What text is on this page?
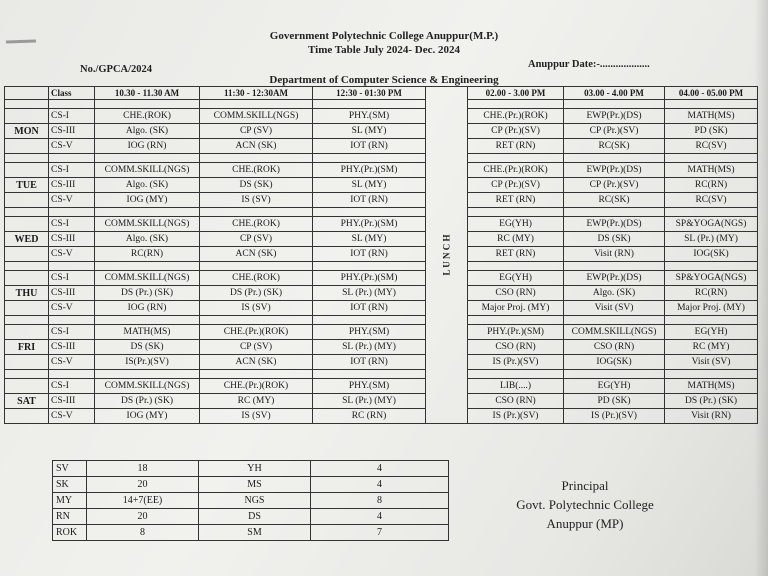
Government Polytechnic College Anuppur(M.P.)
Time Table July 2024- Dec. 2024
No./GPCA/2024	Anuppur Date:-...................
Department of Computer Science & Engineering
	Class	10.30 - 11.30 AM	11:30 - 12:30AM	12:30 - 01:30 PM	L U N C H	02.00 - 3.00 PM	03.00 - 4.00 PM	04.00 - 05.00 PM

	CS-I	CHE.(ROK)	COMM.SKILL(NGS)	PHY.(SM)		CHE.(Pr.)(ROK)	EWP(Pr.)(DS)	MATH(MS)
MON	CS-III	Algo. (SK)	CP (SV)	SL (MY)		CP (Pr.)(SV)	CP (Pr.)(SV)	PD (SK)
	CS-V	IOG (RN)	ACN (SK)	IOT (RN)		RET (RN)	RC(SK)	RC(SV)

	CS-I	COMM.SKILL(NGS)	CHE.(ROK)	PHY.(Pr.)(SM)		CHE.(Pr.)(ROK)	EWP(Pr.)(DS)	MATH(MS)
TUE	CS-III	Algo. (SK)	DS (SK)	SL (MY)		CP (Pr.)(SV)	CP (Pr.)(SV)	RC(RN)
	CS-V	IOG (MY)	IS (SV)	IOT (RN)		RET (RN)	RC(SK)	RC(SV)

	CS-I	COMM.SKILL(NGS)	CHE.(ROK)	PHY.(Pr.)(SM)		EG(YH)	EWP(Pr.)(DS)	SP&YOGA(NGS)
WED	CS-III	Algo. (SK)	CP (SV)	SL (MY)		RC (MY)	DS (SK)	SL (Pr.) (MY)
	CS-V	RC(RN)	ACN (SK)	IOT (RN)		RET (RN)	Visit (RN)	IOG(SK)

	CS-I	COMM.SKILL(NGS)	CHE.(ROK)	PHY.(Pr.)(SM)		EG(YH)	EWP(Pr.)(DS)	SP&YOGA(NGS)
THU	CS-III	DS (Pr.) (SK)	DS (Pr.) (SK)	SL (Pr.) (MY)		CSO (RN)	Algo. (SK)	RC(RN)
	CS-V	IOG (RN)	IS (SV)	IOT (RN)		Major Proj. (MY)	Visit (SV)	Major Proj. (MY)

	CS-I	MATH(MS)	CHE.(Pr.)(ROK)	PHY.(SM)		PHY.(Pr.)(SM)	COMM.SKILL(NGS)	EG(YH)
FRI	CS-III	DS (SK)	CP (SV)	SL (Pr.) (MY)		CSO (RN)	CSO (RN)	RC (MY)
	CS-V	IS(Pr.)(SV)	ACN (SK)	IOT (RN)		IS (Pr.)(SV)	IOG(SK)	Visit (SV)

	CS-I	COMM.SKILL(NGS)	CHE.(Pr.)(ROK)	PHY.(SM)		LIB(....)	EG(YH)	MATH(MS)
SAT	CS-III	DS (Pr.) (SK)	RC (MY)	SL (Pr.) (MY)		CSO (RN)	PD (SK)	DS (Pr.) (SK)
	CS-V	IOG (MY)	IS (SV)	RC (RN)		IS (Pr.)(SV)	IS (Pr.)(SV)	Visit (RN)
SV	18	YH	4
SK	20	MS	4
MY	14+7(EE)	NGS	8
RN	20	DS	4
ROK	8	SM	7
Principal
Govt. Polytechnic College
Anuppur (MP)
